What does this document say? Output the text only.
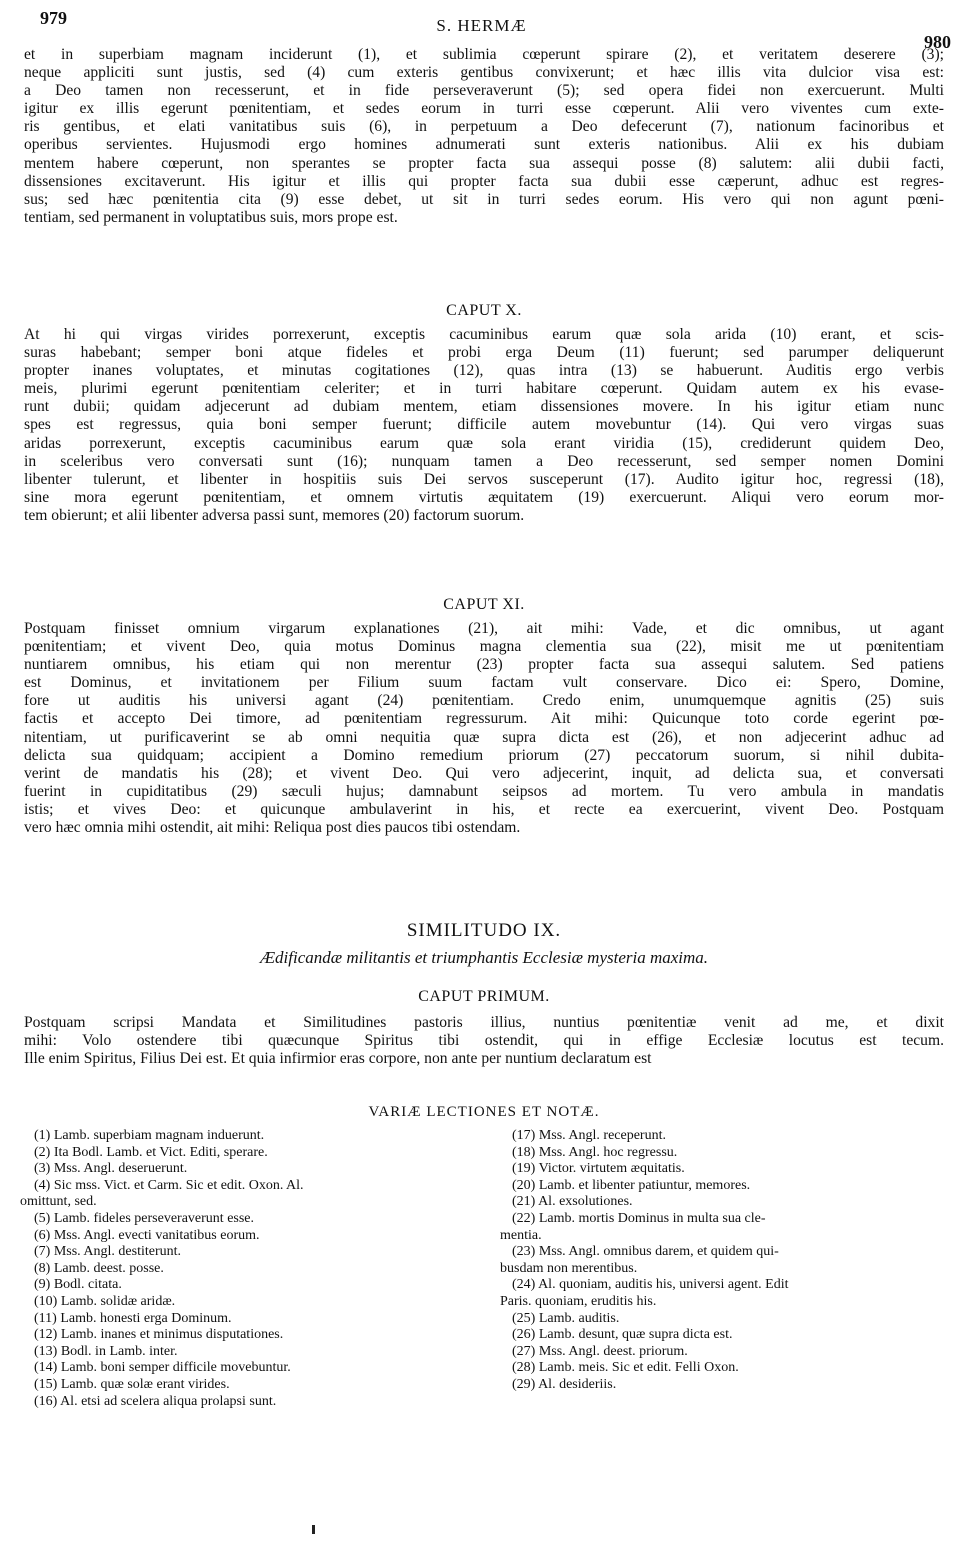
979	S. HERMÆ
980
et in superbiam magnam inciderunt (1), et sublimia cœperunt spirare (2), et veritatem deserere (3);
neque appliciti sunt justis, sed (4) cum exteris gentibus convixerunt; et hæc illis vita dulcior visa est:
a Deo tamen non recesserunt, et in fide perseveraverunt (5); sed opera fidei non exercuerunt. Multi
igitur ex illis egerunt pœnitentiam, et sedes eorum in turri esse cœperunt. Alii vero viventes cum exte-
ris gentibus, et elati vanitatibus suis (6), in perpetuum a Deo defecerunt (7), nationum facinoribus et
operibus servientes. Hujusmodi ergo homines adnumerati sunt exteris nationibus. Alii ex his dubiam
mentem habere cœperunt, non sperantes se propter facta sua assequi posse (8) salutem: alii dubii facti,
dissensiones excitaverunt. His igitur et illis qui propter facta sua dubii esse cæperunt, adhuc est regres-
sus; sed hæc pœnitentia cita (9) esse debet, ut sit in turri sedes eorum. His vero qui non agunt pœni-
tentiam, sed permanent in voluptatibus suis, mors prope est.
CAPUT X.
At hi qui virgas virides porrexerunt, exceptis cacuminibus earum quæ sola arida (10) erant, et scis-
suras habebant; semper boni atque fideles et probi erga Deum (11) fuerunt; sed parumper deliquerunt
propter inanes voluptates, et minutas cogitationes (12), quas intra (13) se habuerunt. Auditis ergo verbis
meis, plurimi egerunt pœnitentiam celeriter; et in turri habitare cœperunt. Quidam autem ex his evase-
runt dubii; quidam adjecerunt ad dubiam mentem, etiam dissensiones movere. In his igitur etiam nunc
spes est regressus, quia boni semper fuerunt; difficile autem movebuntur (14). Qui vero virgas suas
aridas porrexerunt, exceptis cacuminibus earum quæ sola erant viridia (15), crediderunt quidem Deo,
in sceleribus vero conversati sunt (16); nunquam tamen a Deo recesserunt, sed semper nomen Domini
libenter tulerunt, et libenter in hospitiis suis Dei servos susceperunt (17). Audito igitur hoc, regressi (18),
sine mora egerunt pœnitentiam, et omnem virtutis æquitatem (19) exercuerunt. Aliqui vero eorum mor-
tem obierunt; et alii libenter adversa passi sunt, memores (20) factorum suorum.
CAPUT XI.
Postquam finisset omnium virgarum explanationes (21), ait mihi: Vade, et dic omnibus, ut agant
pœnitentiam; et vivent Deo, quia motus Dominus magna clementia sua (22), misit me ut pœnitentiam
nuntiarem omnibus, his etiam qui non merentur (23) propter facta sua assequi salutem. Sed patiens
est Dominus, et invitationem per Filium suum factam vult conservare. Dico ei: Spero, Domine,
fore ut auditis his universi agant (24) pœnitentiam. Credo enim, unumquemque agnitis (25) suis
factis et accepto Dei timore, ad pœnitentiam regressurum. Ait mihi: Quicunque toto corde egerint pœ-
nitentiam, ut purificaverint se ab omni nequitia quæ supra dicta est (26), et non adjecerint adhuc ad
delicta sua quidquam; accipient a Domino remedium priorum (27) peccatorum suorum, si nihil dubita-
verint de mandatis his (28); et vivent Deo. Qui vero adjecerint, inquit, ad delicta sua, et conversati
fuerint in cupiditatibus (29) sæculi hujus; damnabunt seipsos ad mortem. Tu vero ambula in mandatis
istis; et vives Deo: et quicunque ambulaverint in his, et recte ea exercuerint, vivent Deo. Postquam
vero hæc omnia mihi ostendit, ait mihi: Reliqua post dies paucos tibi ostendam.
SIMILITUDO IX.
Ædificandæ militantis et triumphantis Ecclesiæ mysteria maxima.
CAPUT PRIMUM.
Postquam scripsi Mandata et Similitudines pastoris illius, nuntius pœnitentiæ venit ad me, et dixit
mihi: Volo ostendere tibi quæcunque Spiritus tibi ostendit, qui in effige Ecclesiæ locutus est tecum.
Ille enim Spiritus, Filius Dei est. Et quia infirmior eras corpore, non ante per nuntium declaratum est
VARIÆ LECTIONES ET NOTÆ.
(1) Lamb. superbiam magnam induerunt.
(2) Ita Bodl. Lamb. et Vict. Editi, sperare.
(3) Mss. Angl. deseruerunt.
(4) Sic mss. Vict. et Carm. Sic et edit. Oxon. Al.
omittunt, sed.
(5) Lamb. fideles perseveraverunt esse.
(6) Mss. Angl. evecti vanitatibus eorum.
(7) Mss. Angl. destiterunt.
(8) Lamb. deest. posse.
(9) Bodl. citata.
(10) Lamb. solidæ aridæ.
(11) Lamb. honesti erga Dominum.
(12) Lamb. inanes et minimus disputationes.
(13) Bodl. in Lamb. inter.
(14) Lamb. boni semper difficile movebuntur.
(15) Lamb. quæ solæ erant virides.
(16) Al. etsi ad scelera aliqua prolapsi sunt.
(17) Mss. Angl. receperunt.
(18) Mss. Angl. hoc regressu.
(19) Victor. virtutem æquitatis.
(20) Lamb. et libenter patiuntur, memores.
(21) Al. exsolutiones.
(22) Lamb. mortis Dominus in multa sua cle-
mentia.
(23) Mss. Angl. omnibus darem, et quidem qui-
busdam non merentibus.
(24) Al. quoniam, auditis his, universi agent. Edit
Paris. quoniam, eruditis his.
(25) Lamb. auditis.
(26) Lamb. desunt, quæ supra dicta est.
(27) Mss. Angl. deest. priorum.
(28) Lamb. meis. Sic et edit. Felli Oxon.
(29) Al. desideriis.
